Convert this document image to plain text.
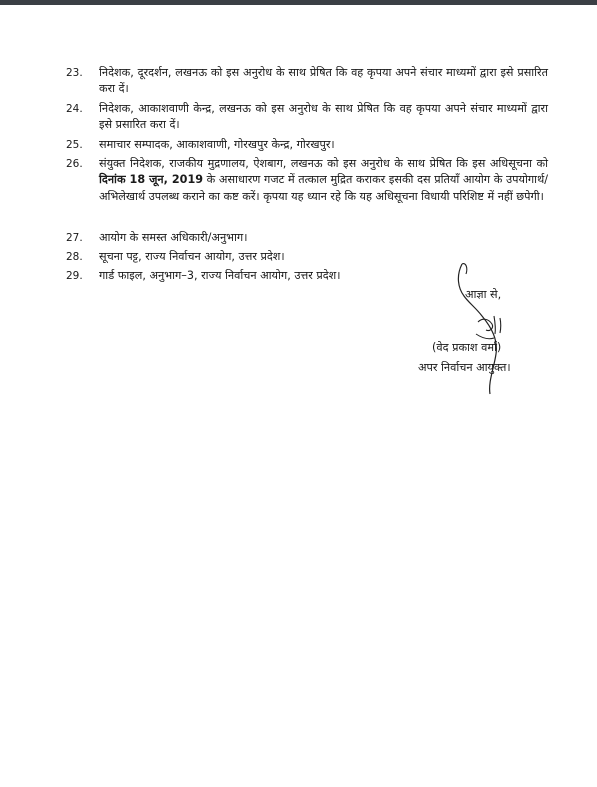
23.	निदेशक, दूरदर्शन, लखनऊ को इस अनुरोध के साथ प्रेषित कि वह कृपया अपने संचार माध्यमों द्वारा इसे प्रसारित करा दें।
24.	निदेशक, आकाशवाणी केन्द्र, लखनऊ को इस अनुरोध के साथ प्रेषित कि वह कृपया अपने संचार माध्यमों द्वारा इसे प्रसारित करा दें।
25.	समाचार सम्पादक, आकाशवाणी, गोरखपुर केन्द्र, गोरखपुर।
26.	संयुक्त निदेशक, राजकीय मुद्रणालय, ऐशबाग, लखनऊ को इस अनुरोध के साथ प्रेषित कि इस अधिसूचना को दिनांक 18 जून, 2019 के असाधारण गजट में तत्काल मुद्रित कराकर इसकी दस प्रतियाँ आयोग के उपयोगार्थ/अभिलेखार्थ उपलब्ध कराने का कष्ट करें। कृपया यह ध्यान रहे कि यह अधिसूचना विधायी परिशिष्ट में नहीं छपेगी।
27.	आयोग के समस्त अधिकारी/अनुभाग।
28.	सूचना पट्ट, राज्य निर्वाचन आयोग, उत्तर प्रदेश।
29.	गार्ड फाइल, अनुभाग–3, राज्य निर्वाचन आयोग, उत्तर प्रदेश।
आज्ञा से,
(वेद प्रकाश वर्मा)
अपर निर्वाचन आयुक्त।
